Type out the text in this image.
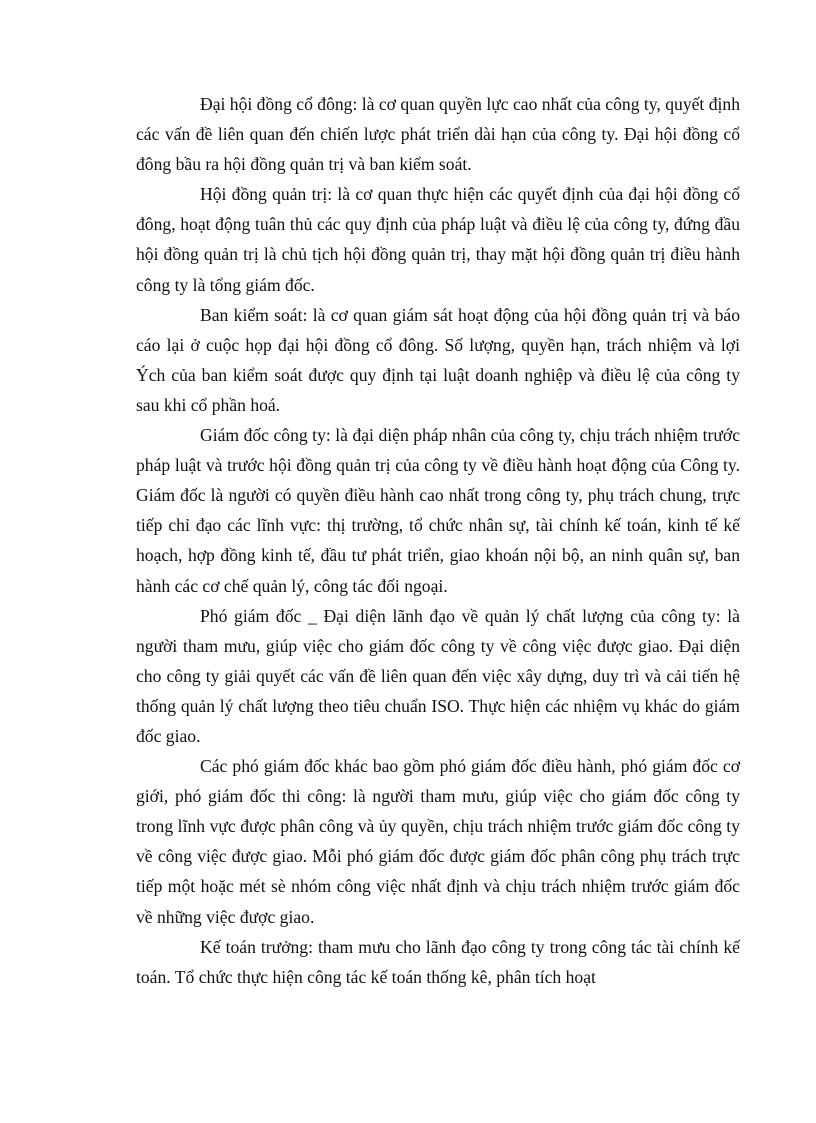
Đại hội đồng cổ đông: là cơ quan quyền lực cao nhất của công ty, quyết định các vấn đề liên quan đến chiến lược phát triển dài hạn của công ty. Đại hội đồng cổ đông bầu ra hội đồng quản trị và ban kiểm soát.

Hội đồng quản trị: là cơ quan thực hiện các quyết định của đại hội đồng cổ đông, hoạt động tuân thủ các quy định của pháp luật và điều lệ của công ty, đứng đầu hội đồng quản trị là chủ tịch hội đồng quản trị, thay mặt hội đồng quản trị điều hành công ty là tổng giám đốc.

Ban kiểm soát: là cơ quan giám sát hoạt động của hội đồng quản trị và báo cáo lại ở cuộc họp đại hội đồng cổ đông. Số lượng, quyền hạn, trách nhiệm và lợi Ých của ban kiểm soát được quy định tại luật doanh nghiệp và điều lệ của công ty sau khi cổ phần hoá.

Giám đốc công ty: là đại diện pháp nhân của công ty, chịu trách nhiệm trước pháp luật và trước hội đồng quản trị của công ty về điều hành hoạt động của Công ty. Giám đốc là người có quyền điều hành cao nhất trong công ty, phụ trách chung, trực tiếp chỉ đạo các lĩnh vực: thị trường, tổ chức nhân sự, tài chính kế toán, kinh tế kế hoạch, hợp đồng kinh tế, đầu tư phát triển, giao khoán nội bộ, an ninh quân sự, ban hành các cơ chế quản lý, công tác đối ngoại.

Phó giám đốc _ Đại diện lãnh đạo về quản lý chất lượng của công ty: là người tham mưu, giúp việc cho giám đốc công ty về công việc được giao. Đại diện cho công ty giải quyết các vấn đề liên quan đến việc xây dựng, duy trì và cải tiến hệ thống quản lý chất lượng theo tiêu chuẩn ISO. Thực hiện các nhiệm vụ khác do giám đốc giao.

Các phó giám đốc khác bao gồm phó giám đốc điều hành, phó giám đốc cơ giới, phó giám đốc thi công: là người tham mưu, giúp việc cho giám đốc công ty trong lĩnh vực được phân công và ủy quyền, chịu trách nhiệm trước giám đốc công ty về công việc được giao. Mỗi phó giám đốc được giám đốc phân công phụ trách trực tiếp một hoặc mét sè nhóm công việc nhất định và chịu trách nhiệm trước giám đốc về những việc được giao.

Kế toán trưởng: tham mưu cho lãnh đạo công ty trong công tác tài chính kế toán. Tổ chức thực hiện công tác kế toán thống kê, phân tích hoạt
